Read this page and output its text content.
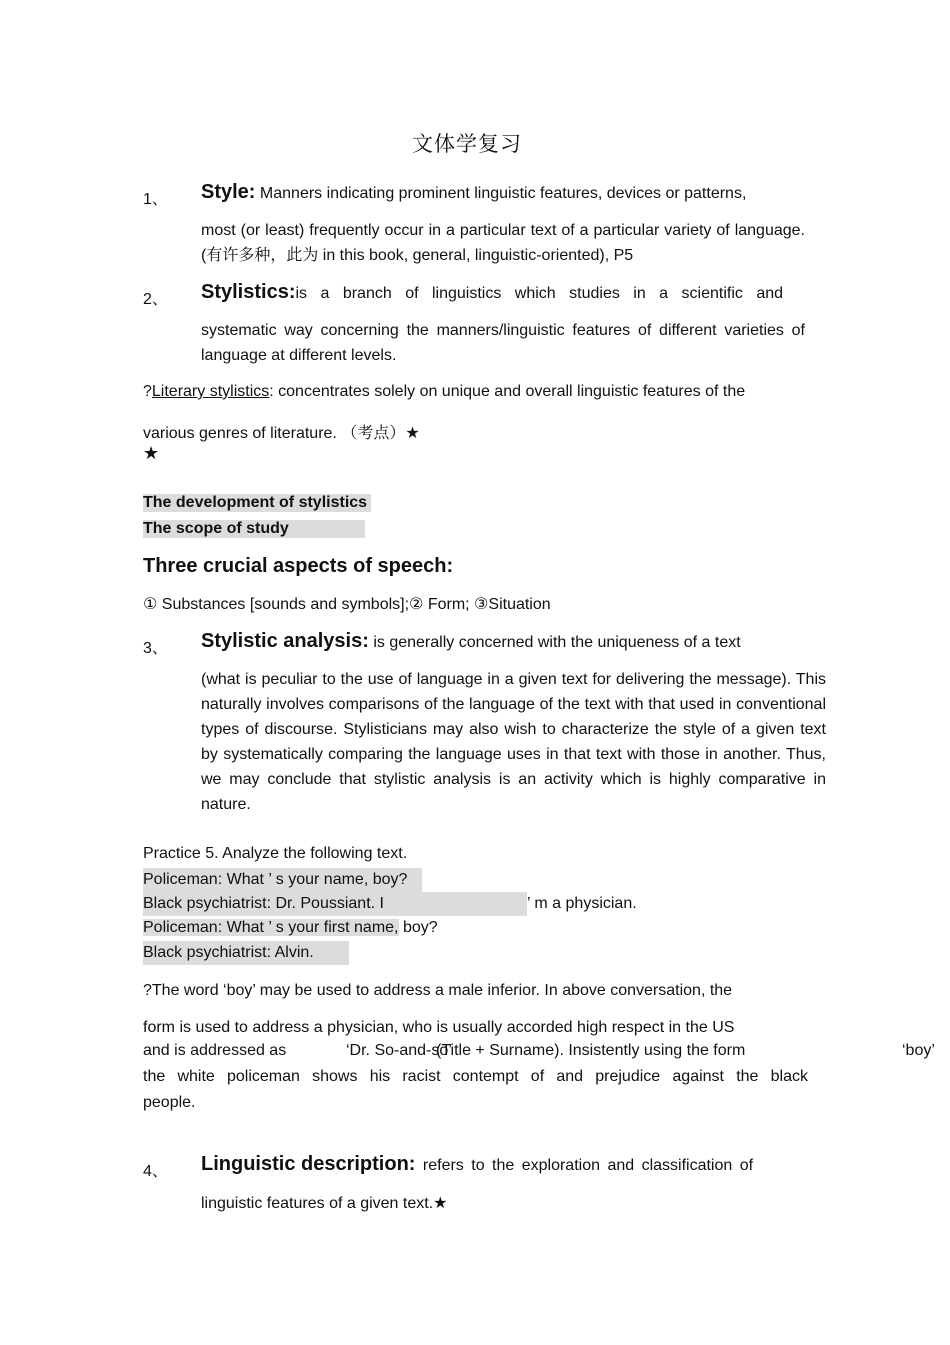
文体学复习
1、 Style: Manners indicating prominent linguistic features, devices or patterns,
most (or least) frequently occur in a particular text of a particular variety of language. (有许多种，此为 in this book, general, linguistic-oriented), P5
2、 Stylistics: is a branch of linguistics which studies in a scientific and
systematic way concerning the manners/linguistic features of different varieties of language at different levels.
?Literary stylistics: concentrates solely on unique and overall linguistic features of the
various genres of literature. （考点）★
★
The development of stylistics
The scope of study
Three crucial aspects of speech:
① Substances [sounds and symbols];② Form; ③Situation
3、 Stylistic analysis: is generally concerned with the uniqueness of a text
(what is peculiar to the use of language in a given text for delivering the message). This naturally involves comparisons of the language of the text with that used in conventional types of discourse. Stylisticians may also wish to characterize the style of a given text by systematically comparing the language uses in that text with those in another. Thus, we may conclude that stylistic analysis is an activity which is highly comparative in nature.
Practice 5. Analyze the following text.
Policeman: What ’ s your name, boy?
Black psychiatrist: Dr. Poussiant. I	’ m a physician.
Policeman: What ’ s your first name, boy?
Black psychiatrist: Alvin.
?The word ‘boy’ may be used to address a male inferior. In above conversation, the
form is used to address a physician, who is usually accorded high respect in the US
and is addressed as	‘Dr. So-and-so’
(Title + Surname). Insistently using the form	‘boy’
the white policeman shows his racist contempt of and prejudice against the black
people.
4、 Linguistic description: refers to the exploration and classification of
linguistic features of a given text.★
